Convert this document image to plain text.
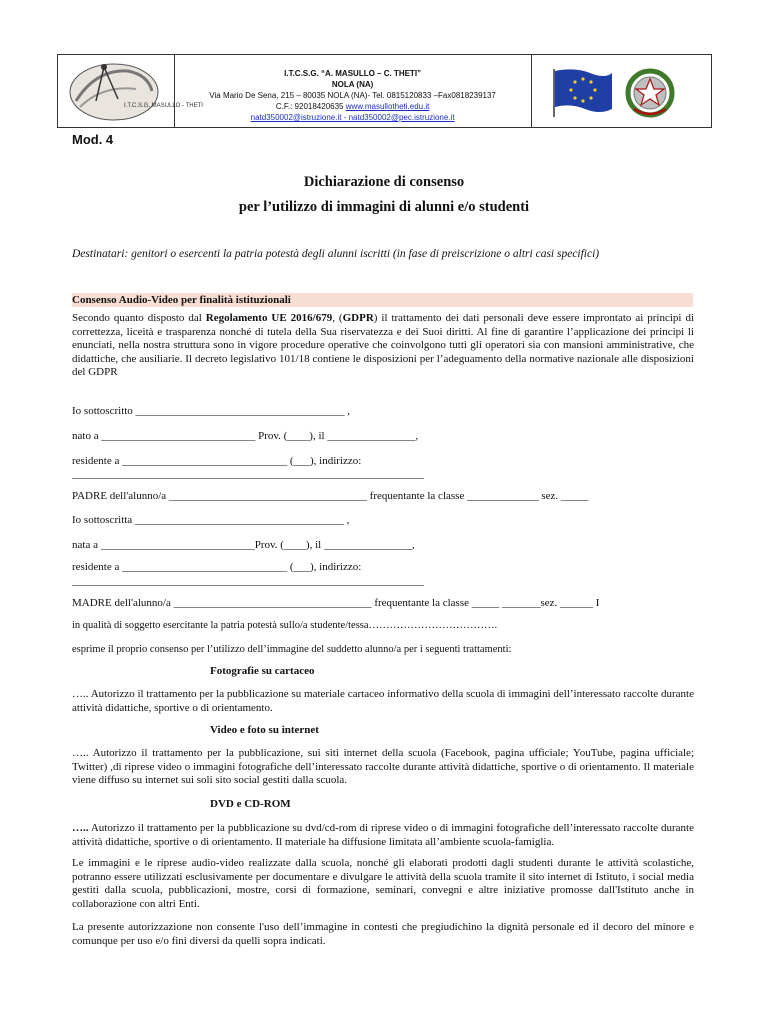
I.T.C.S.G. MASULLO - THETI
I.T.C.S.G. “A. MASULLO – C. THETI”
NOLA (NA)
Via Mario De Sena, 215 – 80035 NOLA (NA)- Tel. 0815120833 –Fax0818239137
C.F.: 92018420635 www.masullotheti.edu.it
natd350002@istruzione.it - natd350002@pec.istruzione.it
Mod. 4
Dichiarazione di consenso
per l’utilizzo di immagini di alunni e/o studenti
Destinatari: genitori o esercenti la patria potestà degli alunni iscritti (in fase di preiscrizione o altri casi specifici)
Consenso Audio-Video per finalità istituzionali
Secondo quanto disposto dal Regolamento UE 2016/679, (GDPR) il trattamento dei dati personali deve essere improntato ai principi di correttezza, liceità e trasparenza nonché di tutela della Sua riservatezza e dei Suoi diritti. Al fine di garantire l’applicazione dei principi li enunciati, nella nostra struttura sono in vigore procedure operative che coinvolgono tutti gli operatori sia con mansioni amministrative, che didattiche, che ausiliarie. Il decreto legislativo 101/18 contiene le disposizioni per l’adeguamento della normative nazionale alle disposizioni del GDPR
Io sottoscritto ______________________________________ ,
nato a ____________________________ Prov. (____), il ________________,
residente a ______________________________ (___), indirizzo:
________________________________________________________________
PADRE dell'alunno/a ____________________________________ frequentante la classe _____________ sez. _____
Io sottoscritta ______________________________________ ,
nata a ____________________________Prov. (____), il ________________,
residente a ______________________________ (___), indirizzo:
________________________________________________________________
MADRE dell'alunno/a ____________________________________ frequentante la classe _____ _______sez. ______ I
in qualità di soggetto esercitante la patria potestà sullo/a studente/tessa……………………………….
esprime il proprio consenso per l’utilizzo dell’immagine del suddetto alunno/a per i seguenti trattamenti:
Fotografie su cartaceo
….. Autorizzo il trattamento per la pubblicazione su materiale cartaceo informativo della scuola di immagini dell’interessato raccolte durante attività didattiche, sportive o di orientamento.
Video e foto su internet
….. Autorizzo il trattamento per la pubblicazione, sui siti internet della scuola (Facebook, pagina ufficiale; YouTube, pagina ufficiale; Twitter) ,di riprese video o immagini fotografiche dell’interessato raccolte durante attività didattiche, sportive o di orientamento. Il materiale viene diffuso su internet sui soli sito social gestiti dalla scuola.
DVD e CD-ROM
….. Autorizzo il trattamento per la pubblicazione su dvd/cd-rom di riprese video o di immagini fotografiche dell’interessato raccolte durante attività didattiche, sportive o di orientamento. Il materiale ha diffusione limitata all’ambiente scuola-famiglia.
Le immagini e le riprese audio-video realizzate dalla scuola, nonché gli elaborati prodotti dagli studenti durante le attività scolastiche, potranno essere utilizzati esclusivamente per documentare e divulgare le attività della scuola tramite il sito internet di Istituto, i social media gestiti dalla scuola, pubblicazioni, mostre, corsi di formazione, seminari, convegni e altre iniziative promosse dall'Istituto anche in collaborazione con altri Enti.
La presente autorizzazione non consente l'uso dell’immagine in contesti che pregiudichino la dignità personale ed il decoro del minore e comunque per uso e/o fini diversi da quelli sopra indicati.
